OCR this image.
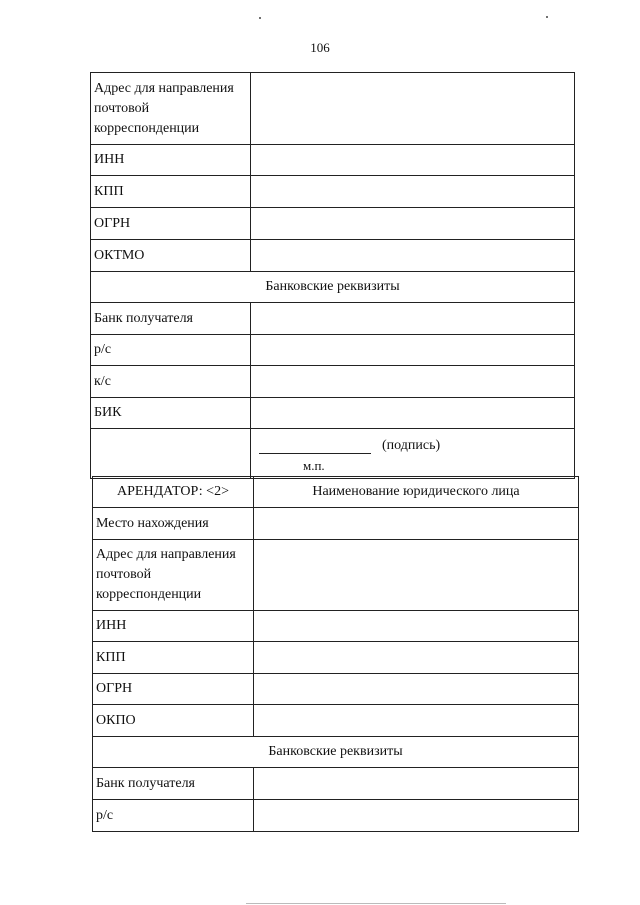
106
Адрес для направления почтовой корреспонденции	
ИНН	
КПП	
ОГРН	
ОКТМО	
Банковские реквизиты	
Банк получателя	
р/с	
к/с	
БИК	

	(подпись)
м.п.
АРЕНДАТОР: <2>	Наименование юридического лица
Место нахождения	
Адрес для направления почтовой корреспонденции	
ИНН	
КПП	
ОГРН	
ОКПО	
Банковские реквизиты	
Банк получателя	
р/с	
